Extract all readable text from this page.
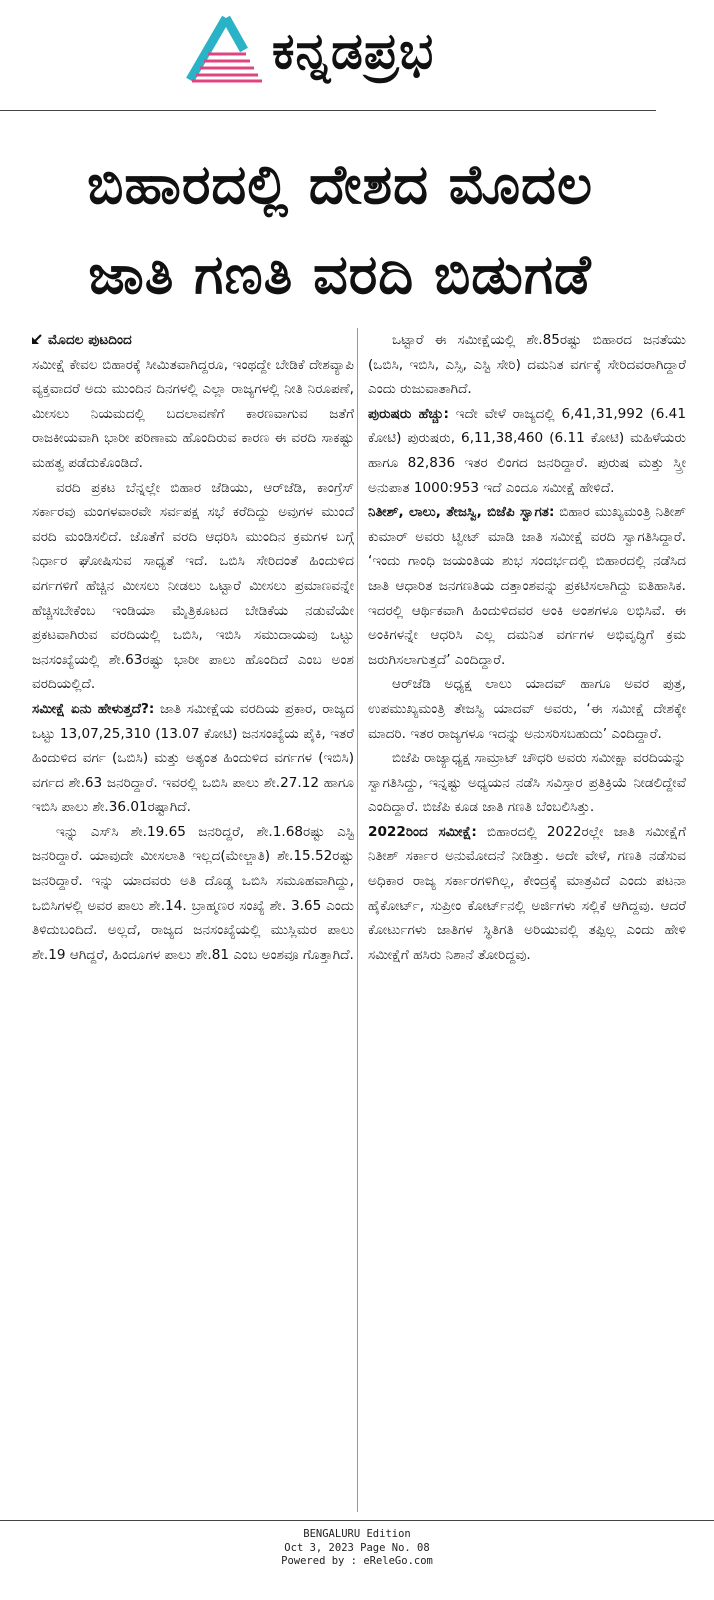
ಕನ್ನಡಪ್ರಭ
ಬಿಹಾರದಲ್ಲಿ ದೇಶದ ಮೊದಲ
ಜಾತಿ ಗಣತಿ ವರದಿ ಬಿಡುಗಡೆ

ಮೊದಲ ಪುಟದಿಂದ

ಸಮೀಕ್ಷೆ ಕೇವಲ ಬಿಹಾರಕ್ಕೆ ಸೀಮಿತವಾಗಿದ್ದರೂ, ಇಂಥದ್ದೇ ಬೇಡಿಕೆ ದೇಶವ್ಯಾಪಿ ವ್ಯಕ್ತವಾದರೆ ಅದು ಮುಂದಿನ ದಿನಗಳಲ್ಲಿ ಎಲ್ಲಾ ರಾಜ್ಯಗಳಲ್ಲಿ ನೀತಿ ನಿರೂಪಣೆ, ಮೀಸಲು ನಿಯಮದಲ್ಲಿ ಬದಲಾವಣೆಗೆ ಕಾರಣವಾಗುವ ಜತೆಗೆ ರಾಜಕೀಯವಾಗಿ ಭಾರೀ ಪರಿಣಾಮ ಹೊಂದಿರುವ ಕಾರಣ ಈ ವರದಿ ಸಾಕಷ್ಟು ಮಹತ್ವ ಪಡೆದುಕೊಂಡಿದೆ.

ವರದಿ ಪ್ರಕಟ ಬೆನ್ನಲ್ಲೇ ಬಿಹಾರ ಜೆಡಿಯು, ಆರ್‌ಜೆಡಿ, ಕಾಂಗ್ರೆಸ್ ಸರ್ಕಾರವು ಮಂಗಳವಾರವೇ ಸರ್ವಪಕ್ಷ ಸಭೆ ಕರೆದಿದ್ದು ಅವುಗಳ ಮುಂದೆ ವರದಿ ಮಂಡಿಸಲಿದೆ. ಜೊತೆಗೆ ವರದಿ ಆಧರಿಸಿ ಮುಂದಿನ ಕ್ರಮಗಳ ಬಗ್ಗೆ ನಿರ್ಧಾರ ಘೋಷಿಸುವ ಸಾಧ್ಯತೆ ಇದೆ. ಒಬಿಸಿ ಸೇರಿದಂತೆ ಹಿಂದುಳಿದ ವರ್ಗಗಳಿಗೆ ಹೆಚ್ಚಿನ ಮೀಸಲು ನೀಡಲು ಒಟ್ಟಾರೆ ಮೀಸಲು ಪ್ರಮಾಣವನ್ನೇ ಹೆಚ್ಚಿಸಬೇಕೆಂಬ ಇಂಡಿಯಾ ಮೈತ್ರಿಕೂಟದ ಬೇಡಿಕೆಯ ನಡುವೆಯೇ ಪ್ರಕಟವಾಗಿರುವ ವರದಿಯಲ್ಲಿ ಒಬಿಸಿ, ಇಬಿಸಿ ಸಮುದಾಯವು ಒಟ್ಟು ಜನಸಂಖ್ಯೆಯಲ್ಲಿ ಶೇ.63ರಷ್ಟು ಭಾರೀ ಪಾಲು ಹೊಂದಿದೆ ಎಂಬ ಅಂಶ ವರದಿಯಲ್ಲಿದೆ.

ಸಮೀಕ್ಷೆ ಏನು ಹೇಳುತ್ತದೆ?: ಜಾತಿ ಸಮೀಕ್ಷೆಯ ವರದಿಯ ಪ್ರಕಾರ, ರಾಜ್ಯದ ಒಟ್ಟು 13,07,25,310 (13.07 ಕೋಟಿ) ಜನಸಂಖ್ಯೆಯ ಪೈಕಿ, ಇತರೆ ಹಿಂದುಳಿದ ವರ್ಗ (ಒಬಿಸಿ) ಮತ್ತು ಅತ್ಯಂತ ಹಿಂದುಳಿದ ವರ್ಗಗಳ (ಇಬಿಸಿ) ವರ್ಗದ ಶೇ.63 ಜನರಿದ್ದಾರೆ. ಇವರಲ್ಲಿ ಒಬಿಸಿ ಪಾಲು ಶೇ.27.12 ಹಾಗೂ ಇಬಿಸಿ ಪಾಲು ಶೇ.36.01ರಷ್ಟಾಗಿದೆ.

ಇನ್ನು ಎಸ್‌ಸಿ ಶೇ.19.65 ಜನರಿದ್ದರೆ, ಶೇ.1.68ರಷ್ಟು ಎಸ್ಟಿ ಜನರಿದ್ದಾರೆ. ಯಾವುದೇ ಮೀಸಲಾತಿ ಇಲ್ಲದ(ಮೇಲ್ಜಾತಿ) ಶೇ.15.52ರಷ್ಟು ಜನರಿದ್ದಾರೆ. ಇನ್ನು ಯಾದವರು ಅತಿ ದೊಡ್ಡ ಒಬಿಸಿ ಸಮೂಹವಾಗಿದ್ದು, ಒಬಿಸಿಗಳಲ್ಲಿ ಅವರ ಪಾಲು ಶೇ.14. ಬ್ರಾಹ್ಮಣರ ಸಂಖ್ಯೆ ಶೇ. 3.65 ಎಂದು ತಿಳಿದುಬಂದಿದೆ. ಅಲ್ಲದೆ, ರಾಜ್ಯದ ಜನಸಂಖ್ಯೆಯಲ್ಲಿ ಮುಸ್ಲಿಮರ ಪಾಲು ಶೇ.19 ಆಗಿದ್ದರೆ, ಹಿಂದೂಗಳ ಪಾಲು ಶೇ.81 ಎಂಬ ಅಂಶವೂ ಗೊತ್ತಾಗಿದೆ.

ಒಟ್ಟಾರೆ ಈ ಸಮೀಕ್ಷೆಯಲ್ಲಿ ಶೇ.85ರಷ್ಟು ಬಿಹಾರದ ಜನತೆಯು (ಒಬಿಸಿ, ಇಬಿಸಿ, ಎಸ್ಸಿ, ಎಸ್ಟಿ ಸೇರಿ) ದಮನಿತ ವರ್ಗಕ್ಕೆ ಸೇರಿದವರಾಗಿದ್ದಾರೆ ಎಂದು ರುಜುವಾತಾಗಿದೆ.

ಪುರುಷರು ಹೆಚ್ಚು: ಇದೇ ವೇಳೆ ರಾಜ್ಯದಲ್ಲಿ 6,41,31,992 (6.41 ಕೋಟಿ) ಪುರುಷರು, 6,11,38,460 (6.11 ಕೋಟಿ) ಮಹಿಳೆಯರು ಹಾಗೂ 82,836 ಇತರ ಲಿಂಗದ ಜನರಿದ್ದಾರೆ. ಪುರುಷ ಮತ್ತು ಸ್ತ್ರೀ ಅನುಪಾತ 1000:953 ಇದೆ ಎಂದೂ ಸಮೀಕ್ಷೆ ಹೇಳಿದೆ.

ನಿತೀಶ್, ಲಾಲು, ತೇಜಸ್ವಿ, ಬಿಜೆಪಿ ಸ್ವಾಗತ: ಬಿಹಾರ ಮುಖ್ಯಮಂತ್ರಿ ನಿತೀಶ್ ಕುಮಾರ್ ಅವರು ಟ್ವೀಟ್ ಮಾಡಿ ಜಾತಿ ಸಮೀಕ್ಷೆ ವರದಿ ಸ್ವಾಗತಿಸಿದ್ದಾರೆ. ‘ಇಂದು ಗಾಂಧಿ ಜಯಂತಿಯ ಶುಭ ಸಂದರ್ಭದಲ್ಲಿ ಬಿಹಾರದಲ್ಲಿ ನಡೆಸಿದ ಜಾತಿ ಆಧಾರಿತ ಜನಗಣತಿಯ ದತ್ತಾಂಶವನ್ನು ಪ್ರಕಟಿಸಲಾಗಿದ್ದು ಐತಿಹಾಸಿಕ. ಇದರಲ್ಲಿ ಆರ್ಥಿಕವಾಗಿ ಹಿಂದುಳಿದವರ ಅಂಕಿ ಅಂಶಗಳೂ ಲಭಿಸಿವೆ. ಈ ಅಂಕಿಗಳನ್ನೇ ಆಧರಿಸಿ ಎಲ್ಲ ದಮನಿತ ವರ್ಗಗಳ ಅಭಿವೃದ್ಧಿಗೆ ಕ್ರಮ ಜರುಗಿಸಲಾಗುತ್ತದೆ’ ಎಂದಿದ್ದಾರೆ.

ಆರ್‌ಜೆಡಿ ಅಧ್ಯಕ್ಷ ಲಾಲು ಯಾದವ್ ಹಾಗೂ ಅವರ ಪುತ್ರ, ಉಪಮುಖ್ಯಮಂತ್ರಿ ತೇಜಸ್ವಿ ಯಾದವ್ ಅವರು, ‘ಈ ಸಮೀಕ್ಷೆ ದೇಶಕ್ಕೇ ಮಾದರಿ. ಇತರ ರಾಜ್ಯಗಳೂ ಇದನ್ನು ಅನುಸರಿಸಬಹುದು’ ಎಂದಿದ್ದಾರೆ.

ಬಿಜೆಪಿ ರಾಜ್ಯಾಧ್ಯಕ್ಷ ಸಾಮ್ರಾಟ್ ಚೌಧರಿ ಅವರು ಸಮೀಕ್ಷಾ ವರದಿಯನ್ನು ಸ್ವಾಗತಿಸಿದ್ದು, ಇನ್ನಷ್ಟು ಅಧ್ಯಯನ ನಡೆಸಿ ಸವಿಸ್ತಾರ ಪ್ರತಿಕ್ರಿಯೆ ನೀಡಲಿದ್ದೇವೆ ಎಂದಿದ್ದಾರೆ. ಬಿಜೆಪಿ ಕೂಡ ಜಾತಿ ಗಣತಿ ಬೆಂಬಲಿಸಿತ್ತು.

2022ರಿಂದ ಸಮೀಕ್ಷೆ: ಬಿಹಾರದಲ್ಲಿ 2022ರಲ್ಲೇ ಜಾತಿ ಸಮೀಕ್ಷೆಗೆ ನಿತೀಶ್ ಸರ್ಕಾರ ಅನುಮೋದನೆ ನೀಡಿತ್ತು. ಅದೇ ವೇಳೆ, ಗಣತಿ ನಡೆಸುವ ಅಧಿಕಾರ ರಾಜ್ಯ ಸರ್ಕಾರಗಳಿಗಿಲ್ಲ, ಕೇಂದ್ರಕ್ಕೆ ಮಾತ್ರವಿದೆ ಎಂದು ಪಟನಾ ಹೈಕೋರ್ಟ್, ಸುಪ್ರೀಂ ಕೋರ್ಟ್‌ನಲ್ಲಿ ಅರ್ಜಿಗಳು ಸಲ್ಲಿಕೆ ಆಗಿದ್ದವು. ಆದರೆ ಕೋರ್ಟುಗಳು ಜಾತಿಗಳ ಸ್ಥಿತಿಗತಿ ಅರಿಯುವಲ್ಲಿ ತಪ್ಪಿಲ್ಲ ಎಂದು ಹೇಳಿ ಸಮೀಕ್ಷೆಗೆ ಹಸಿರು ನಿಶಾನೆ ತೋರಿದ್ದವು.

BENGALURU Edition
Oct 3, 2023 Page No. 08
Powered by : eReleGo.com
